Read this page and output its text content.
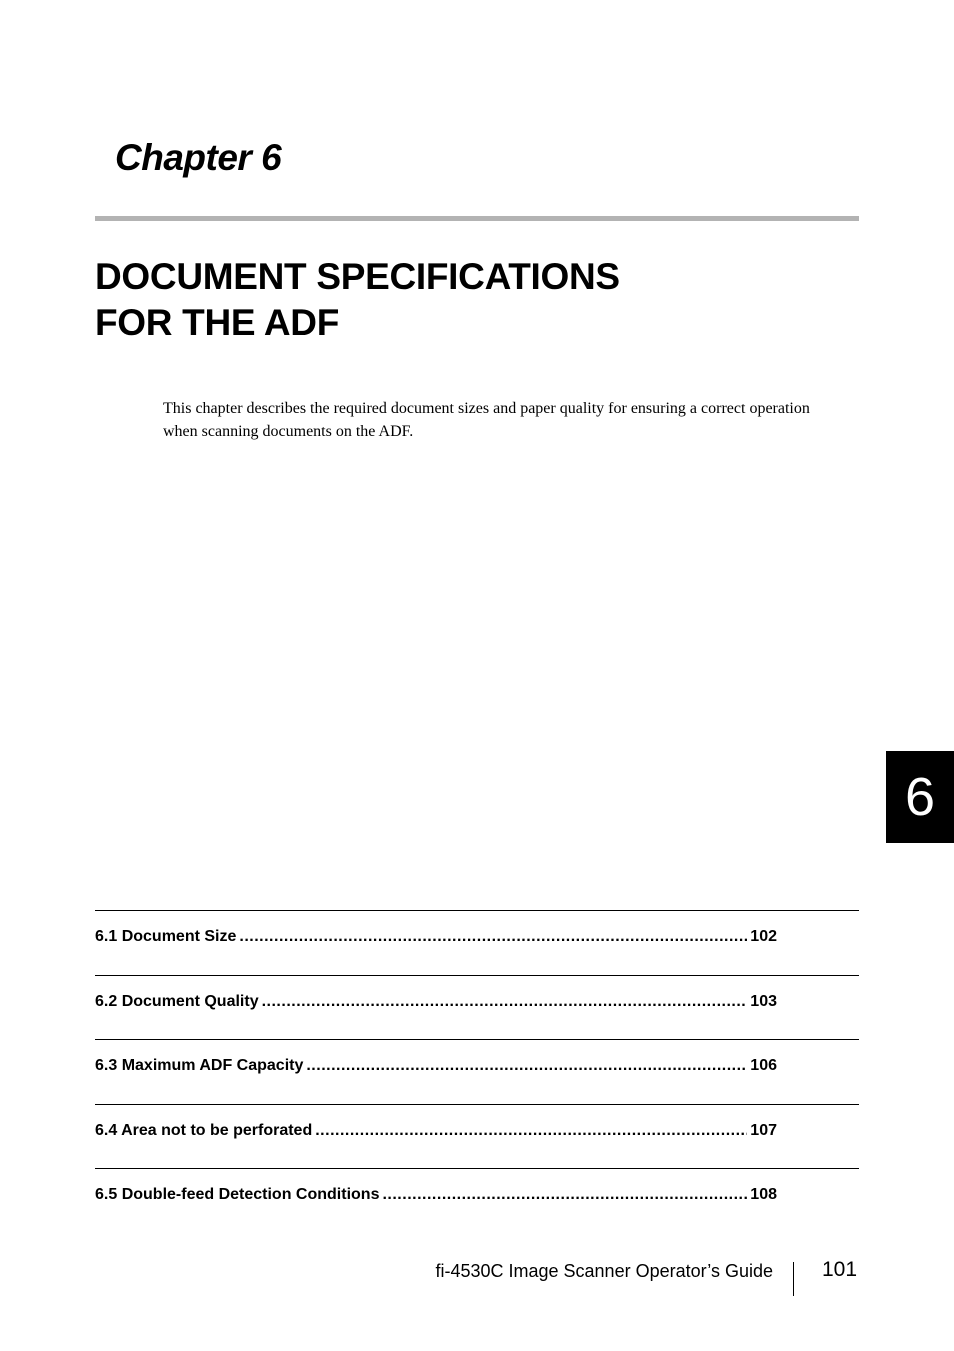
Chapter 6
DOCUMENT SPECIFICATIONS
FOR THE ADF

This chapter describes the required document sizes and paper quality for ensuring a correct operation when scanning documents on the ADF.

6
6.1 Document Size .....	102
6.2 Document Quality .....	103
6.3 Maximum ADF Capacity .....	106
6.4 Area not to be perforated .....	107
6.5 Double-feed Detection Conditions .....	108
fi-4530C Image Scanner Operator’s Guide 101
